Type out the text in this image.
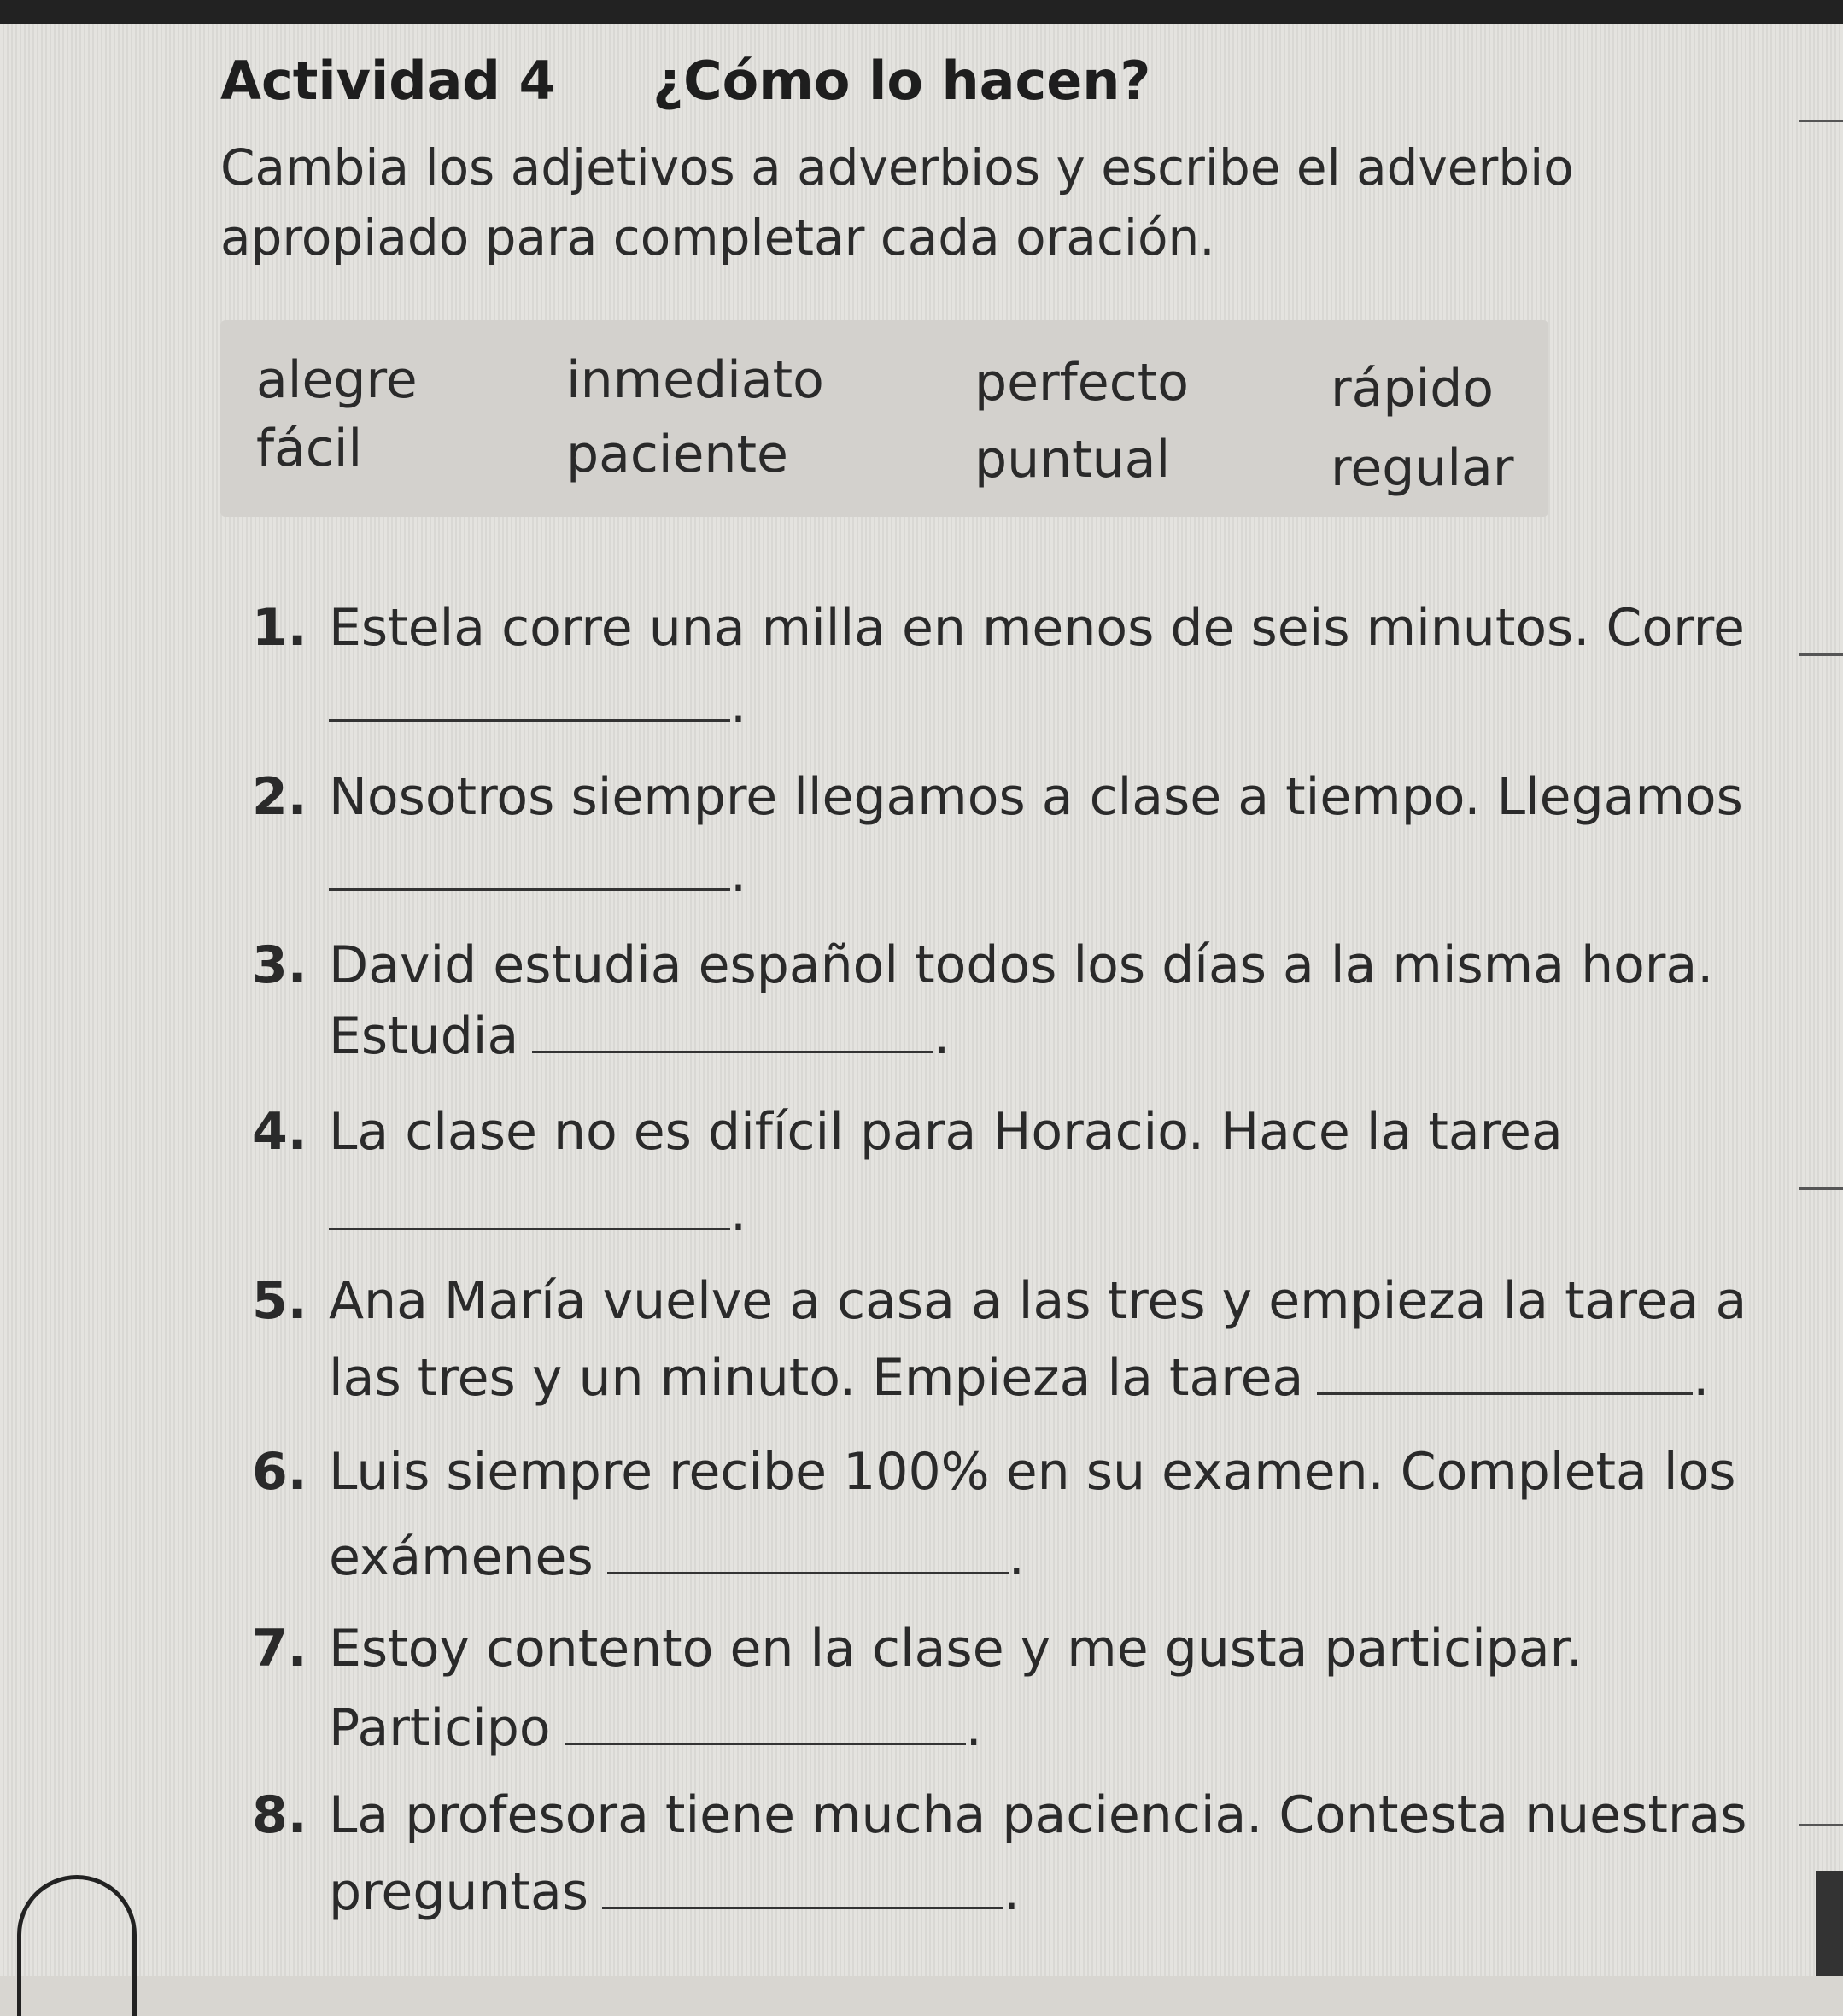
Actividad 4 ¿Cómo lo hacen?
Cambia los adjetivos a adverbios y escribe el adverbio apropiado para completar cada oración.
alegre	inmediato	perfecto	rápido
fácil	paciente	puntual	regular
1. Estela corre una milla en menos de seis minutos. Corre
.
2. Nosotros siempre llegamos a clase a tiempo. Llegamos
.
3. David estudia español todos los días a la misma hora.
Estudia	.
4. La clase no es difícil para Horacio. Hace la tarea
.
5. Ana María vuelve a casa a las tres y empieza la tarea a
las tres y un minuto. Empieza la tarea	.
6. Luis siempre recibe 100% en su examen. Completa los
exámenes	.
7. Estoy contento en la clase y me gusta participar.
Participo	.
8. La profesora tiene mucha paciencia. Contesta nuestras
preguntas	.
